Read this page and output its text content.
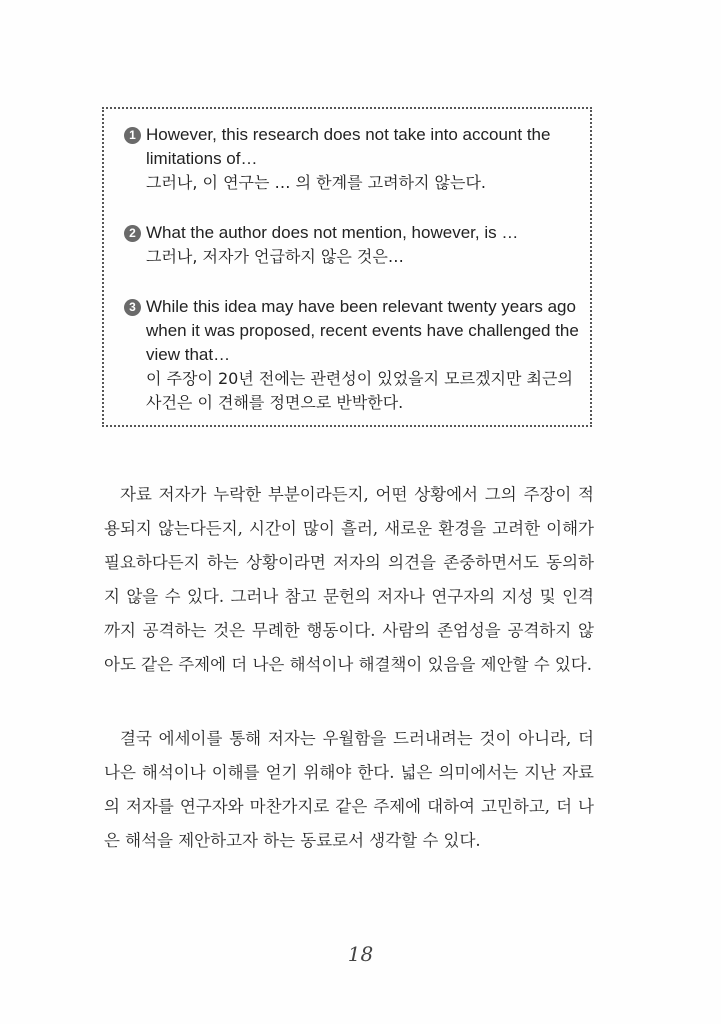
1 However, this research does not take into account the limitations of…

그러나, 이 연구는 … 의 한계를 고려하지 않는다.

2 What the author does not mention, however, is …

그러나, 저자가 언급하지 않은 것은…

3 While this idea may have been relevant twenty years ago when it was proposed, recent events have challenged the view that…

이 주장이 20년 전에는 관련성이 있었을지 모르겠지만 최근의 사건은 이 견해를 정면으로 반박한다.

자료 저자가 누락한 부분이라든지, 어떤 상황에서 그의 주장이 적용되지 않는다든지, 시간이 많이 흘러, 새로운 환경을 고려한 이해가 필요하다든지 하는 상황이라면 저자의 의견을 존중하면서도 동의하지 않을 수 있다. 그러나 참고 문헌의 저자나 연구자의 지성 및 인격까지 공격하는 것은 무례한 행동이다. 사람의 존엄성을 공격하지 않아도 같은 주제에 더 나은 해석이나 해결책이 있음을 제안할 수 있다.

결국 에세이를 통해 저자는 우월함을 드러내려는 것이 아니라, 더 나은 해석이나 이해를 얻기 위해야 한다. 넓은 의미에서는 지난 자료의 저자를 연구자와 마찬가지로 같은 주제에 대하여 고민하고, 더 나은 해석을 제안하고자 하는 동료로서 생각할 수 있다.

18
